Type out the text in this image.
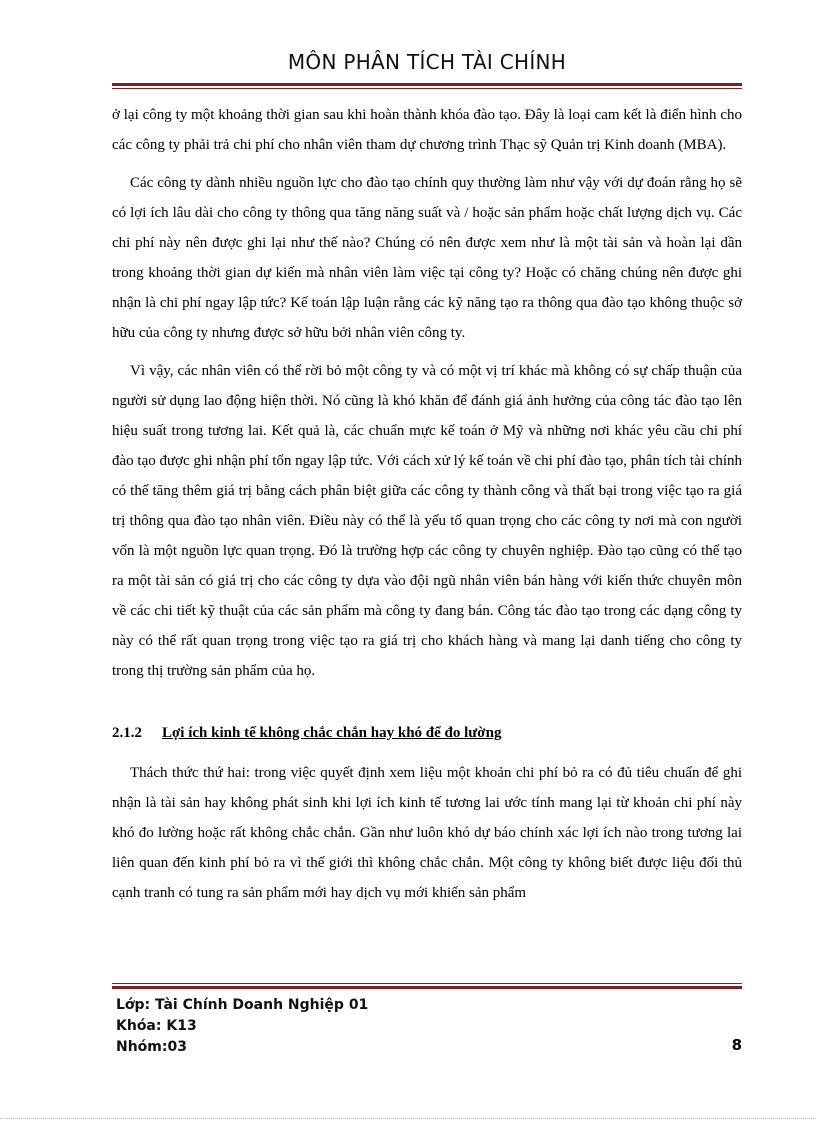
MÔN PHÂN TÍCH TÀI CHÍNH

ở lại công ty một khoảng thời gian sau khi hoàn thành khóa đào tạo. Đây là loại cam kết là điển hình cho các công ty phải trả chi phí cho nhân viên tham dự chương trình Thạc sỹ Quản trị Kinh doanh (MBA).

Các công ty dành nhiều nguồn lực cho đào tạo chính quy thường làm như vậy với dự đoán rằng họ sẽ có lợi ích lâu dài cho công ty thông qua tăng năng suất và / hoặc sản phẩm hoặc chất lượng dịch vụ. Các chi phí này nên được ghi lại như thế nào? Chúng có nên được xem như là một tài sản và hoàn lại dần trong khoảng thời gian dự kiến mà nhân viên làm việc tại công ty? Hoặc có chăng chúng nên được ghi nhận là chi phí ngay lập tức? Kế toán lập luận rằng các kỹ năng tạo ra thông qua đào tạo không thuộc sở hữu của công ty nhưng được sở hữu bởi nhân viên công ty.

Vì vậy, các nhân viên có thể rời bỏ một công ty và có một vị trí khác mà không có sự chấp thuận của người sử dụng lao động hiện thời. Nó cũng là khó khăn để đánh giá ảnh hưởng của công tác đào tạo lên hiệu suất trong tương lai. Kết quả là, các chuẩn mực kế toán ở Mỹ và những nơi khác yêu cầu chi phí đào tạo được ghi nhận phí tổn ngay lập tức. Với cách xử lý kế toán về chi phí đào tạo, phân tích tài chính có thể tăng thêm giá trị bằng cách phân biệt giữa các công ty thành công và thất bại trong việc tạo ra giá trị thông qua đào tạo nhân viên. Điều này có thể là yếu tố quan trọng cho các công ty nơi mà con người vốn là một nguồn lực quan trọng. Đó là trường hợp các công ty chuyên nghiệp. Đào tạo cũng có thể tạo ra một tài sản có giá trị cho các công ty dựa vào đội ngũ nhân viên bán hàng với kiến thức chuyên môn về các chi tiết kỹ thuật của các sản phẩm mà công ty đang bán. Công tác đào tạo trong các dạng công ty này có thể rất quan trọng trong việc tạo ra giá trị cho khách hàng và mang lại danh tiếng cho công ty trong thị trường sản phẩm của họ.

2.1.2 Lợi ích kinh tế không chắc chắn hay khó để đo lường

Thách thức thứ hai: trong việc quyết định xem liệu một khoản chi phí bỏ ra có đủ tiêu chuẩn để ghi nhận là tài sản hay không phát sinh khi lợi ích kinh tế tương lai ước tính mang lại từ khoản chi phí này khó đo lường hoặc rất không chắc chắn. Gần như luôn khó dự báo chính xác lợi ích nào trong tương lai liên quan đến kinh phí bỏ ra vì thế giới thì không chắc chắn. Một công ty không biết được liệu đối thủ cạnh tranh có tung ra sản phẩm mới hay dịch vụ mới khiến sản phẩm

Lớp: Tài Chính Doanh Nghiệp 01
Khóa: K13
Nhóm:03	8
